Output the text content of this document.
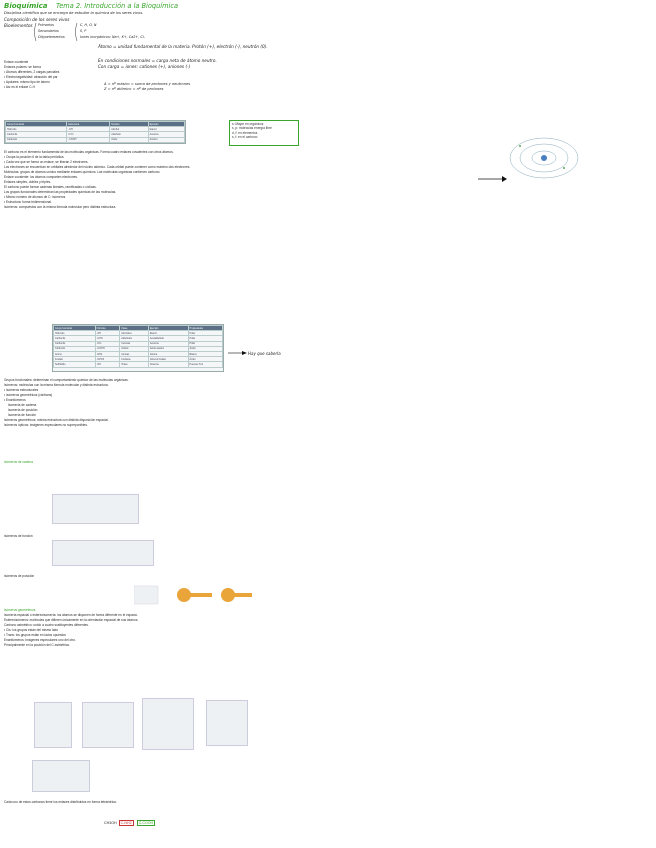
Bioquímica Tema 2. Introducción a la Bioquímica
Disciplina científica que se encarga de estudiar la química de los seres vivos.
Composición de los seres vivos
Bioelementos Primarios
Secundarios
Oligoelementos
C, H, O, N
S, P
Iones inorgánicos: Na+, K+, Ca2+, Cl-
Átomo = unidad fundamental de la materia. Protón (+), electrón (-), neutrón (0).
En condiciones normales = carga neta de átomo neutro.
Con carga = iones: cationes (+), aniones (-)
A = nº másico = suma de protones y neutrones
Z = nº atómico = nº de protones
Enlace covalente
Enlaces polares: se forma
• Átomos diferentes, 2 cargas parciales
• Electronegatividad: atracción del par
• Apolares: mismo tipo de átomo
• Así es el enlace C-H
Grupo funcional	Estructura	Nombre	Ejemplo
Hidroxilo	-OH	Alcohol	Etanol
Carbonilo	C=O	Aldehído	Acetona
Carboxilo	-COOH	Ácido	Acético
s: Mayor en orgánicos
s, p: moléculas energía libre
d, f: en elementos
s, f: en el carbono
El carbono es el elemento fundamental de las moléculas orgánicas. Forma cuatro enlaces covalentes con otros átomos.
• Ocupa la posición 6 de la tabla periódica.
• Cada vez que se forma un enlace, se liberan 2 electrones.
Los electrones se encuentran en orbitales alrededor del núcleo atómico. Cada orbital puede contener como máximo dos electrones.
Moléculas: grupos de átomos unidos mediante enlaces químicos. Las moléculas orgánicas contienen carbono.
Enlace covalente: los átomos comparten electrones.
Enlaces simples, dobles y triples.
El carbono puede formar cadenas lineales, ramificadas o cíclicas.
Los grupos funcionales determinan las propiedades químicas de las moléculas.
• Mismo número de átomos de C: isómeros.
• Estructura: forma tridimensional.
Isómeros: compuestos con la misma fórmula molecular pero distinta estructura.
Grupo funcional	Fórmula	Clase	Ejemplo	Propiedades
Hidroxilo	-OH	Alcoholes	Etanol	Polar
Carbonilo	-CHO	Aldehídos	Acetaldehído	Polar
Carbonilo	-CO-	Cetonas	Acetona	Polar
Carboxilo	-COOH	Ácidos	Ácido acético	Ácido
Amino	-NH2	Aminas	Glicina	Básico
Fosfato	-OPO3	Fosfatos	Glicerol fosfato	Ácido
Sulfhidrilo	-SH	Tioles	Cisteína	Puentes S-S
Hay que saberla
Grupos funcionales: determinan el comportamiento químico de las moléculas orgánicas.
Isómeros: moléculas con la misma fórmula molecular y distinta estructura.
• Isómeros estructurales
• Isómeros geométricos (cis/trans)
• Enantiómeros
Isomería de cadena
Isomería de posición
Isomería de función
Isómeros geométricos: misma estructura con distinta disposición espacial.
Isómeros ópticos: imágenes especulares no superponibles.
Isómeros de cadena
Isómeros de función
Isómeros de posición
Isómeros geométricos
Isomería espacial o estereoisomería: los átomos se disponen de forma diferente en el espacio.
Estereoisómeros: moléculas que difieren únicamente en la orientación espacial de sus átomos.
Carbono asimétrico: unido a cuatro sustituyentes diferentes.
• Cis: los grupos están del mismo lado
• Trans: los grupos están en lados opuestos
Enantiómeros: imágenes especulares uno del otro.
Principalmente en la posición del C asimétrico.
Cada uno de estos carbonos tiene los enlaces distribuidos en forma tetraédrica.
CH3OH C-NH2 C-COOH
